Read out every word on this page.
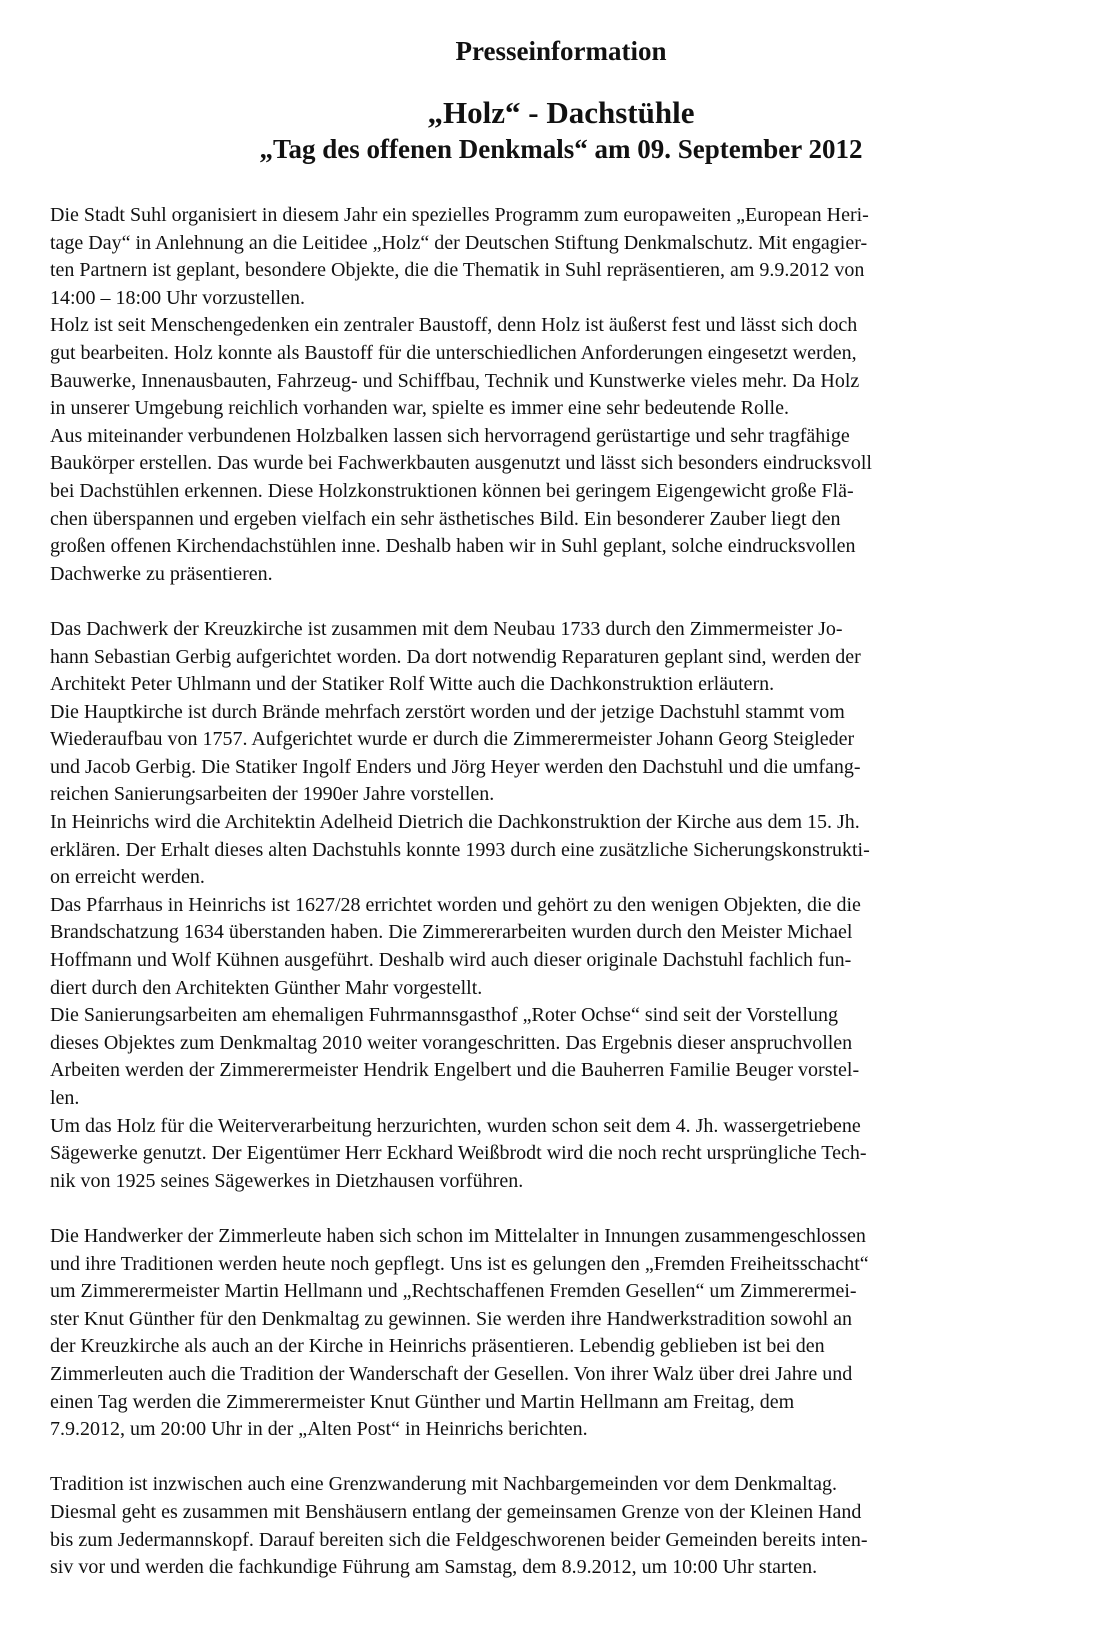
Presseinformation
„Holz“ - Dachstühle
„Tag des offenen Denkmals“ am 09. September 2012
Die Stadt Suhl organisiert in diesem Jahr ein spezielles Programm zum europaweiten „European Heri-
tage Day“ in Anlehnung an die Leitidee „Holz“ der Deutschen Stiftung Denkmalschutz. Mit engagier-
ten Partnern ist geplant, besondere Objekte, die die Thematik in Suhl repräsentieren, am 9.9.2012 von
14:00 – 18:00 Uhr vorzustellen.
Holz ist seit Menschengedenken ein zentraler Baustoff, denn Holz ist äußerst fest und lässt sich doch
gut bearbeiten. Holz konnte als Baustoff für die unterschiedlichen Anforderungen eingesetzt werden,
Bauwerke, Innenausbauten, Fahrzeug- und Schiffbau, Technik und Kunstwerke vieles mehr. Da Holz
in unserer Umgebung reichlich vorhanden war, spielte es immer eine sehr bedeutende Rolle.
Aus miteinander verbundenen Holzbalken lassen sich hervorragend gerüstartige und sehr tragfähige
Baukörper erstellen. Das wurde bei Fachwerkbauten ausgenutzt und lässt sich besonders eindrucksvoll
bei Dachstühlen erkennen. Diese Holzkonstruktionen können bei geringem Eigengewicht große Flä-
chen überspannen und ergeben vielfach ein sehr ästhetisches Bild. Ein besonderer Zauber liegt den
großen offenen Kirchendachstühlen inne. Deshalb haben wir in Suhl geplant, solche eindrucksvollen
Dachwerke zu präsentieren.
Das Dachwerk der Kreuzkirche ist zusammen mit dem Neubau 1733 durch den Zimmermeister Jo-
hann Sebastian Gerbig aufgerichtet worden. Da dort notwendig Reparaturen geplant sind, werden der
Architekt Peter Uhlmann und der Statiker Rolf Witte auch die Dachkonstruktion erläutern.
Die Hauptkirche ist durch Brände mehrfach zerstört worden und der jetzige Dachstuhl stammt vom
Wiederaufbau von 1757. Aufgerichtet wurde er durch die Zimmerermeister Johann Georg Steigleder
und Jacob Gerbig. Die Statiker Ingolf Enders und Jörg Heyer werden den Dachstuhl und die umfang-
reichen Sanierungsarbeiten der 1990er Jahre vorstellen.
In Heinrichs wird die Architektin Adelheid Dietrich die Dachkonstruktion der Kirche aus dem 15. Jh.
erklären. Der Erhalt dieses alten Dachstuhls konnte 1993 durch eine zusätzliche Sicherungskonstrukti-
on erreicht werden.
Das Pfarrhaus in Heinrichs ist 1627/28 errichtet worden und gehört zu den wenigen Objekten, die die
Brandschatzung 1634 überstanden haben. Die Zimmererarbeiten wurden durch den Meister Michael
Hoffmann und Wolf Kühnen ausgeführt. Deshalb wird auch dieser originale Dachstuhl fachlich fun-
diert durch den Architekten Günther Mahr vorgestellt.
Die Sanierungsarbeiten am ehemaligen Fuhrmannsgasthof „Roter Ochse“ sind seit der Vorstellung
dieses Objektes zum Denkmaltag 2010 weiter vorangeschritten. Das Ergebnis dieser anspruchvollen
Arbeiten werden der Zimmerermeister Hendrik Engelbert und die Bauherren Familie Beuger vorstel-
len.
Um das Holz für die Weiterverarbeitung herzurichten, wurden schon seit dem 4. Jh. wassergetriebene
Sägewerke genutzt. Der Eigentümer Herr Eckhard Weißbrodt wird die noch recht ursprüngliche Tech-
nik von 1925 seines Sägewerkes in Dietzhausen vorführen.
Die Handwerker der Zimmerleute haben sich schon im Mittelalter in Innungen zusammengeschlossen
und ihre Traditionen werden heute noch gepflegt. Uns ist es gelungen den „Fremden Freiheitsschacht“
um Zimmerermeister Martin Hellmann und „Rechtschaffenen Fremden Gesellen“ um Zimmerermei-
ster Knut Günther für den Denkmaltag zu gewinnen. Sie werden ihre Handwerkstradition sowohl an
der Kreuzkirche als auch an der Kirche in Heinrichs präsentieren. Lebendig geblieben ist bei den
Zimmerleuten auch die Tradition der Wanderschaft der Gesellen. Von ihrer Walz über drei Jahre und
einen Tag werden die Zimmerermeister Knut Günther und Martin Hellmann am Freitag, dem
7.9.2012, um 20:00 Uhr in der „Alten Post“ in Heinrichs berichten.
Tradition ist inzwischen auch eine Grenzwanderung mit Nachbargemeinden vor dem Denkmaltag.
Diesmal geht es zusammen mit Benshäusern entlang der gemeinsamen Grenze von der Kleinen Hand
bis zum Jedermannskopf. Darauf bereiten sich die Feldgeschworenen beider Gemeinden bereits inten-
siv vor und werden die fachkundige Führung am Samstag, dem 8.9.2012, um 10:00 Uhr starten.
